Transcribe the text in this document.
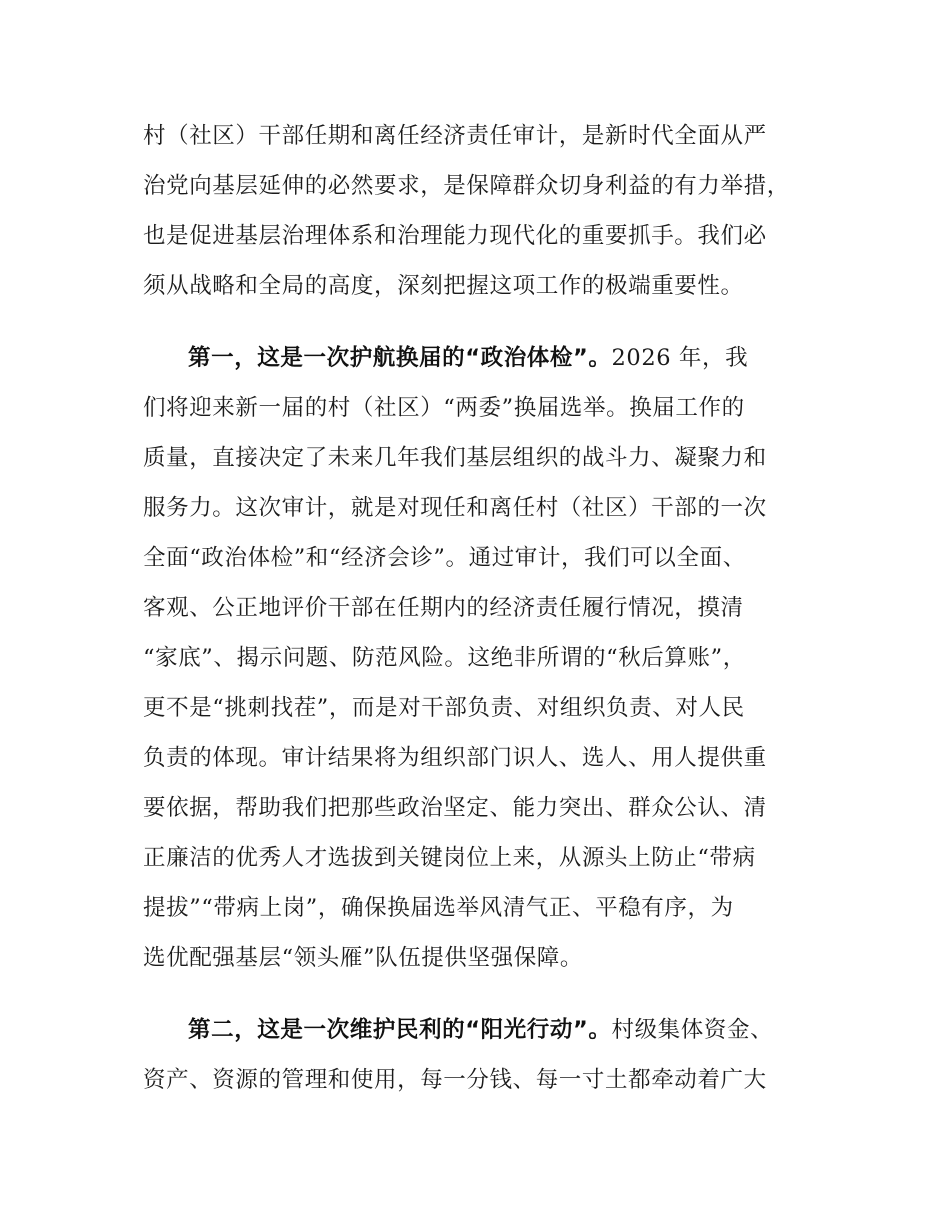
村（社区）干部任期和离任经济责任审计，是新时代全面从严
治党向基层延伸的必然要求，是保障群众切身利益的有力举措，
也是促进基层治理体系和治理能力现代化的重要抓手。我们必
须从战略和全局的高度，深刻把握这项工作的极端重要性。
第一，这是一次护航换届的“政治体检”。2026 年，我
们将迎来新一届的村（社区）“两委”换届选举。换届工作的
质量，直接决定了未来几年我们基层组织的战斗力、凝聚力和
服务力。这次审计，就是对现任和离任村（社区）干部的一次
全面“政治体检”和“经济会诊”。通过审计，我们可以全面、
客观、公正地评价干部在任期内的经济责任履行情况，摸清
“家底”、揭示问题、防范风险。这绝非所谓的“秋后算账”，
更不是“挑刺找茬”，而是对干部负责、对组织负责、对人民
负责的体现。审计结果将为组织部门识人、选人、用人提供重
要依据，帮助我们把那些政治坚定、能力突出、群众公认、清
正廉洁的优秀人才选拔到关键岗位上来，从源头上防止“带病
提拔”“带病上岗”，确保换届选举风清气正、平稳有序，为
选优配强基层“领头雁”队伍提供坚强保障。
第二，这是一次维护民利的“阳光行动”。村级集体资金、
资产、资源的管理和使用，每一分钱、每一寸土都牵动着广大
